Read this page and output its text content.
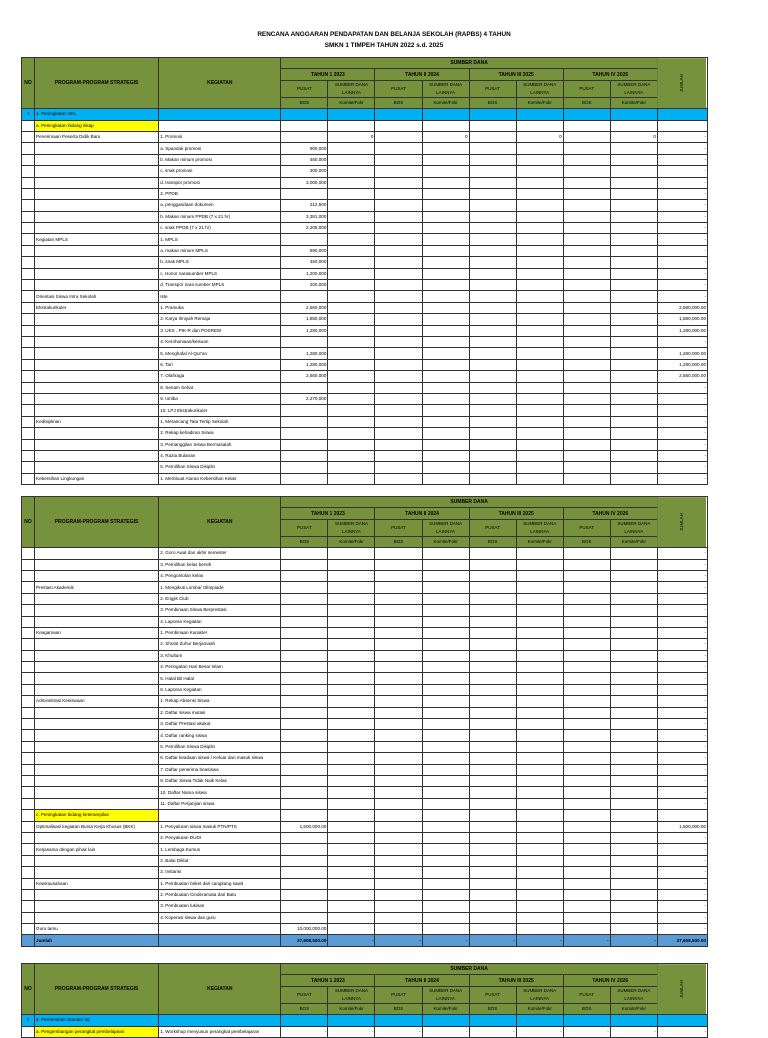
RENCANA ANGGARAN PENDAPATAN DAN BELANJA SEKOLAH (RAPBS) 4 TAHUN
SMKN 1 TIMPEH TAHUN 2022 s.d. 2025
NO	PROGRAM-PROGRAM STRATEGIS	KEGIATAN	SUMBER DANA								JUMLAH
			TAHUN 1 2023		TAHUN II 2024		TAHUN III 2025		TAHUN IV 2026		
			PUSAT	SUMBER DANA LAINNYA	PUSAT	SUMBER DANA LAINNYA	PUSAT	SUMBER DANA LAINNYA	PUSAT	SUMBER DANA LAINNYA	
			BOS	Komite/Fokr	BOS	Komite/Fokr	BOS	Komite/Fokr	BOS	Komite/Fokr	
1	1. Peningkatan SKL										
	a. Peningkatan bidang sikap										
	Penerimaan Peserta Didik Baru	1. Promosi		0		0		0		0	-
		a. Spanduk promosi	900,000								-
		b. Makan minum promosi	460,000								-
		c. snak promosi	300,000								-
		d. transpor promosi	3,000,000								-
		2. PPDB									-
		a. penggandaan dokumen	212,500								-
		b. Makan minum PPDB (7 x 21 hr)	3,381,000								-
		c. snak PPDB (7 x 21 hr)	2,205,000								-
	Kegiatan MPLS	1. MPLS									-
		a. makan minum MPLS	690,000								-
		b. snak MPLS	450,000								-
		c. Honor narasumber MPLS	1,200,000								-
		d. Transpor nara sumber MPLS	200,000								-
	Orientasi Siswa Intra Sekolah	Iste									-
	Ekstrakurikuler	1. Pramuka	2,560,000								2,560,000.00
		2. Karya Ilmiyah Remaja	1,880,000								1,880,000.00
		3. UKS , PIK-R dan POSREM	1,280,000								1,280,000.00
		4. Kerohaniaan/keisuan									-
		5. Menghafal Al-Qur'an	1,280,000								1,280,000.00
		6. Tari	1,280,000								1,280,000.00
		7. Olahraga	2,560,000								2,560,000.00
		8. Senam Sehat									-
		9. tonlba	2,270,000								-
		10. LPJ Ekstrakurikuler									-
	Kedisiplinan	1. Merancang Tata Tertip Sekolah									-
		2. Rekap kehadiran Siswa									-
		3. Pemanggilan Siswa Bermasalah									-
		4. Razia Bulanan									-
		5. Pemilihan Siswa Disiplin									-
	Kebersihan Lingkungan	1. Membuat Aturan Kebersihan Kelas									-
NO	PROGRAM-PROGRAM STRATEGIS	KEGIATAN	SUMBER DANA								JUMLAH
			TAHUN 1 2023		TAHUN II 2024		TAHUN III 2025		TAHUN IV 2026		
			PUSAT	SUMBER DANA LAINNYA	PUSAT	SUMBER DANA LAINNYA	PUSAT	SUMBER DANA LAINNYA	PUSAT	SUMBER DANA LAINNYA	
			BOS	Komite/Fokr	BOS	Komite/Fokr	BOS	Komite/Fokr	BOS	Komite/Fokr	
		2. Goro Awal dan akhir semester									-
		3. Pemilihan kelas bersih									-
		4. Pengontolan kelas									-
	Prestasi Akademik	1. Mengikuti Lomba/ Olimpiade									-
		2. Engjis Club									-
		3. Pembinaan Siswa Berprestasi									-
		4. Laporan Kegiatan									-
	Keagamaan	1. Pembinaan Karakter									-
		2. Sholat Zuhur Berjamaah									-
		3. Khultum									-
		4. Peringatan Hari Besar Islam									-
		5. Halal Bil Halal									-
		6. Laporan Kegiatan									-
	Administrasi Kesiswaan	1. Rekap Absensi Siswa									-
		2. Daftar siswa mutasi									-
		3. Daftar Prestasi akakut									-
		4. Daftar ranking siswa									-
		5. Pemilihan Siswa Disiplin									-
		6. Daftar keadaan siswa / Keluar dan masuk siswa									-
		7. Daftar penerima beasiswa									-
		8. Daftar Siswa Tidak Naik Kelas									-
		10. Daftar Nama siswa									-
		11. Daftar Perjanjian siswa									-
	c. Peningkatan bidang keterampilan										
	Optimalisasi kegiatan Bursa Kerja Khusus (BKK)	1. Penyaluran siswa masuk PTN/PTS	1,500,000.00								1,500,000.00
		2. Penyaluran DUDI									-
	Kerjasama dengan pihak lain	1. Lembaga Kursus									-
		2. Balai Diklat									-
		3. Instansi									-
	Kewirausahaan	1. Pembuatan briket dari cangkang sawit									-
		2. Pembuatan Cinderamata dari Batu									-
		3. Pembuatan lukisan									-
		4. Koperasi siswa dan guru									-
	Guru tamu		10,000,000.00								-
	Jumlah		37,608,500.00	-	-	-	-	-	-	-	37,608,500.00
NO	PROGRAM-PROGRAM STRATEGIS	KEGIATAN	SUMBER DANA								JUMLAH
			TAHUN 1 2023		TAHUN II 2024		TAHUN III 2025		TAHUN IV 2026		
			PUSAT	SUMBER DANA LAINNYA	PUSAT	SUMBER DANA LAINNYA	PUSAT	SUMBER DANA LAINNYA	PUSAT	SUMBER DANA LAINNYA	
			BOS	Komite/Fokr	BOS	Komite/Fokr	BOS	Komite/Fokr	BOS	Komite/Fokr	
2	2. Pemenuhan Standar Isi;										
	a. Pengembangan perangkat pembelajaran	1. Workshop menyusun perangkat pembelajaran	-	-	-	-	-	-	-	-	-
